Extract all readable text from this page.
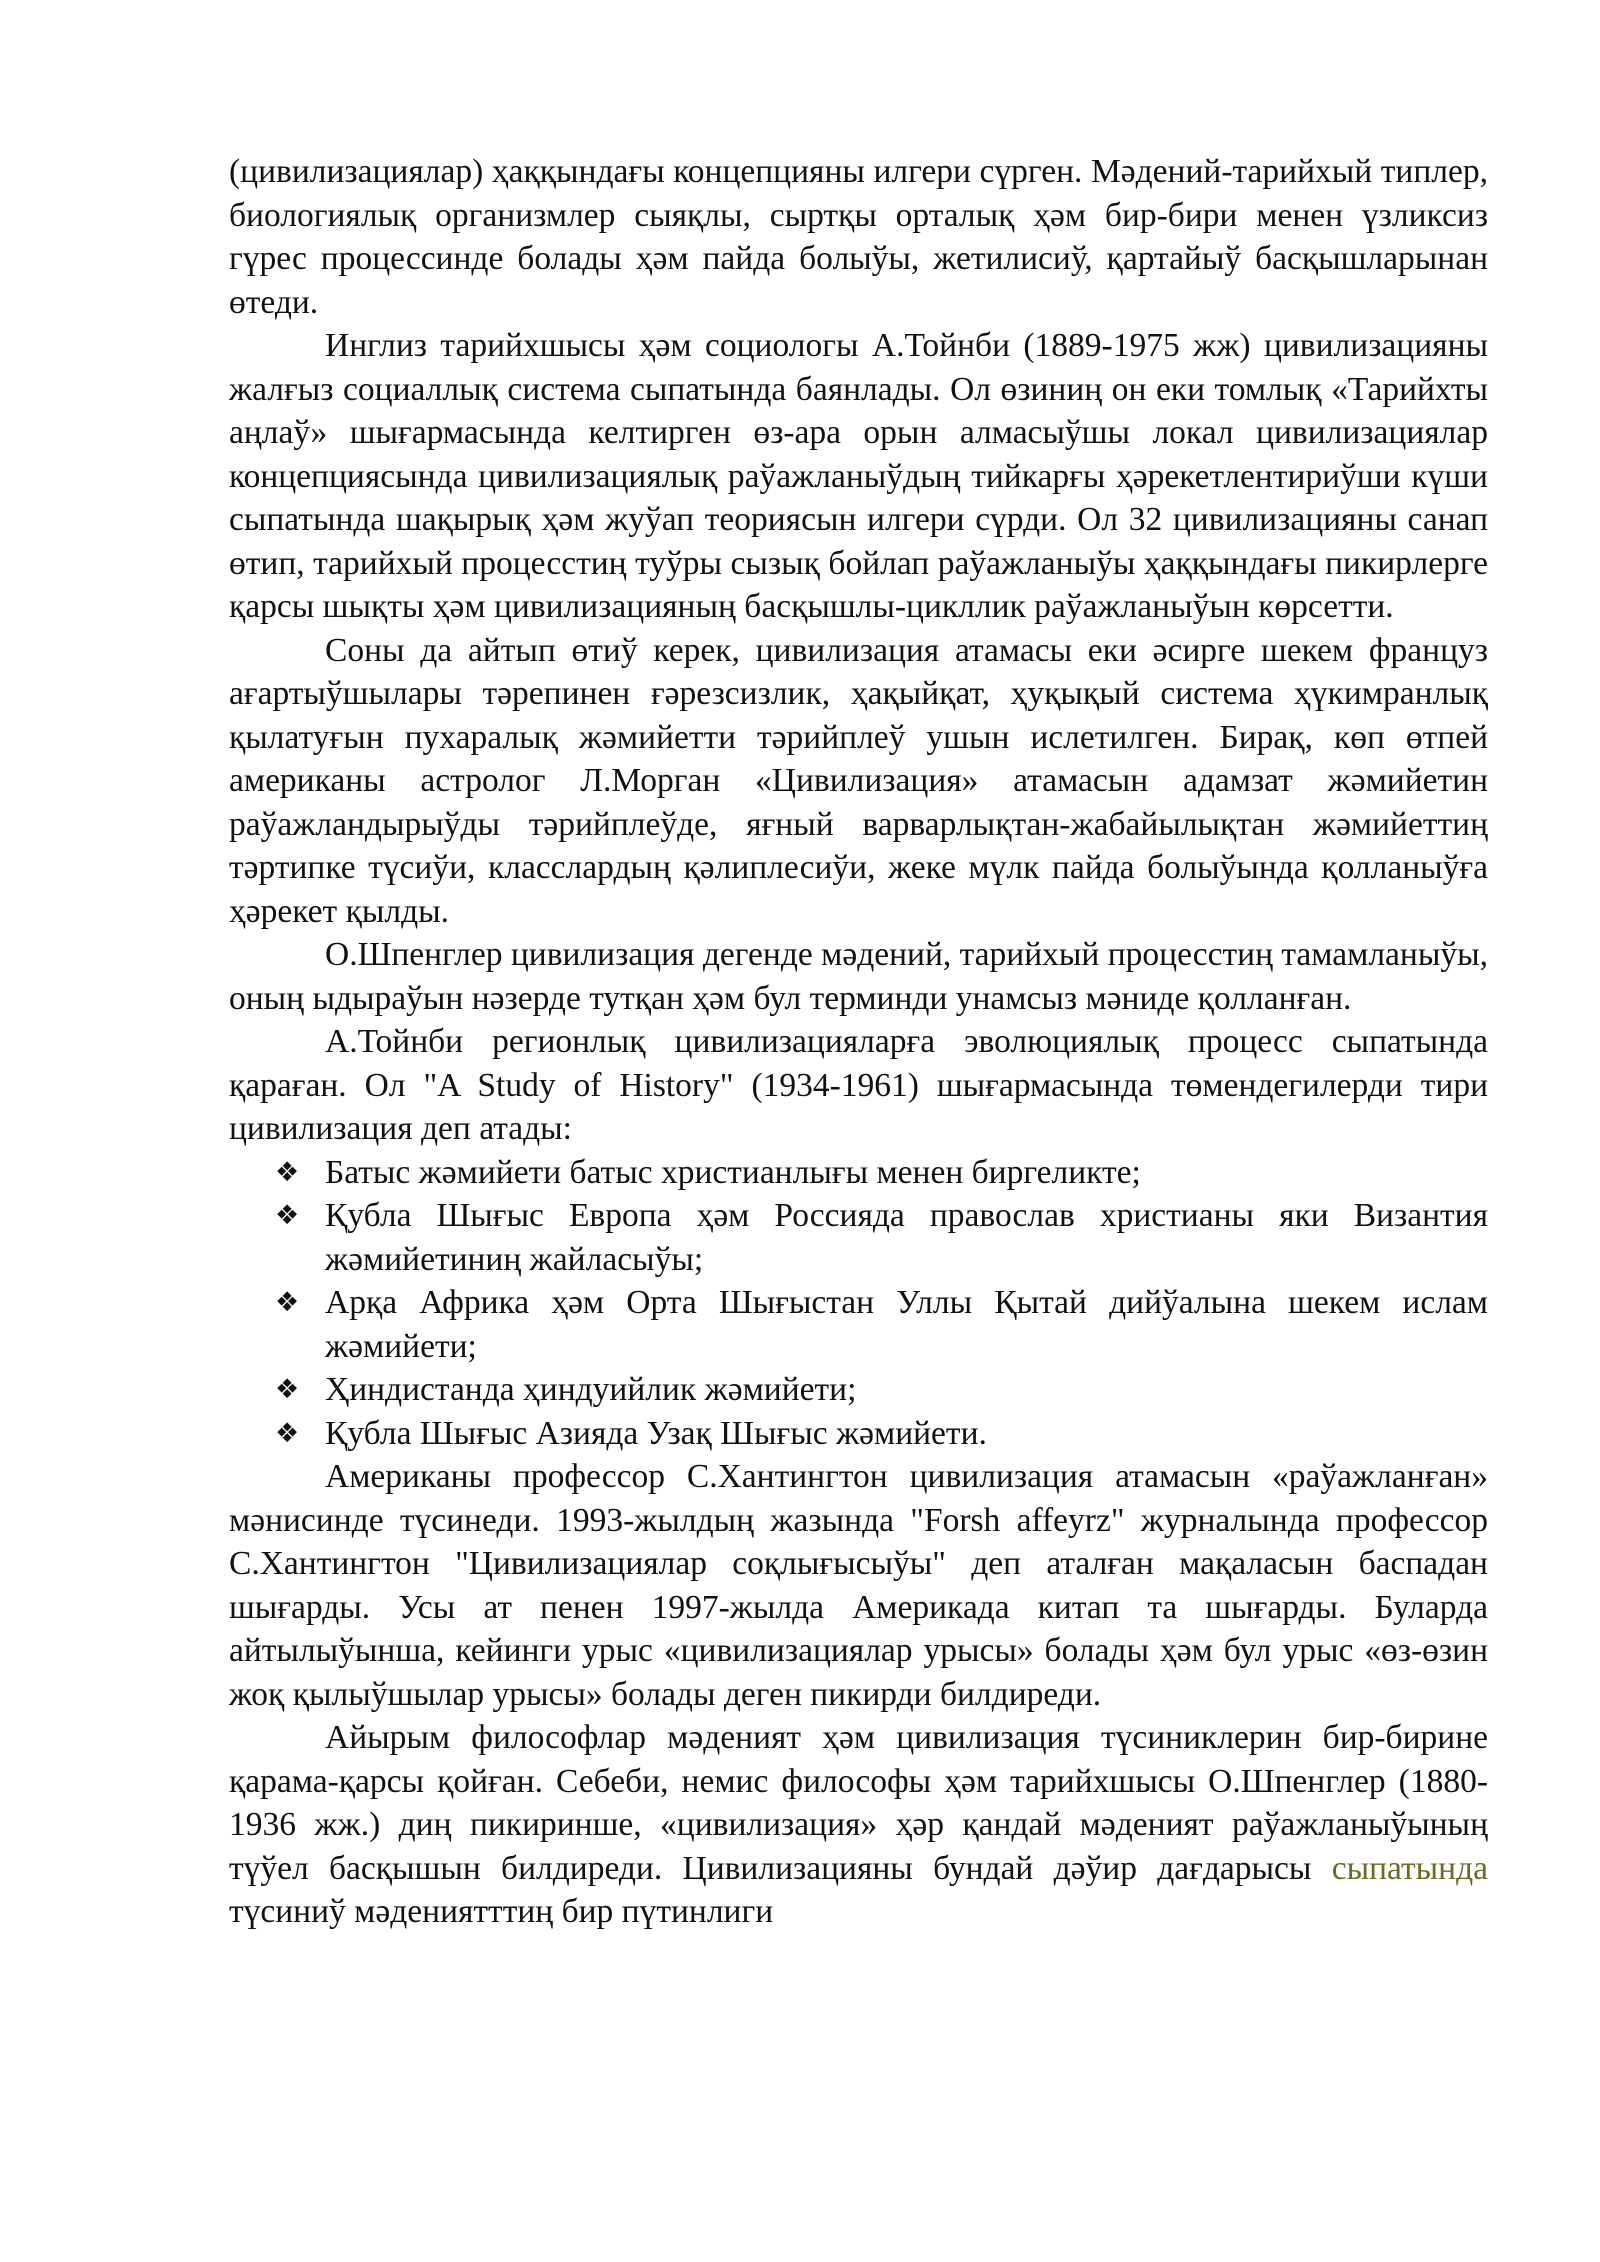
(цивилизациялар) ҳаққындағы концепцияны илгери сүрген. Мәдений-тарийхый типлер, биологиялық организмлер сыяқлы, сыртқы орталық ҳәм бир-бири менен үзликсиз гүрес процессинде болады ҳәм пайда болыўы, жетилисиў, қартайыў басқышларынан өтеди.

Инглиз тарийхшысы ҳәм социологы А.Тойнби (1889-1975 жж) цивилизацияны жалғыз социаллық система сыпатында баянлады. Ол өзиниң он еки томлық «Тарийхты аңлаў» шығармасында келтирген өз-ара орын алмасыўшы локал цивилизациялар концепциясында цивилизациялық раўажланыўдың тийкарғы ҳәрекетлентириўши күши сыпатында шақырық ҳәм жуўап теориясын илгери сүрди. Ол 32 цивилизацияны санап өтип, тарийхый процесстиң туўры сызық бойлап раўажланыўы ҳаққындағы пикирлерге қарсы шықты ҳәм цивилизацияның басқышлы-цикллик раўажланыўын көрсетти.

Соны да айтып өтиў керек, цивилизация атамасы еки әсирге шекем француз ағартыўшылары тәрепинен ғәрезсизлик, ҳақыйқат, ҳуқықый система ҳүкимранлық қылатуғын пухаралық жәмийетти тәрийплеў ушын ислетилген. Бирақ, көп өтпей американы астролог Л.Морган «Цивилизация» атамасын адамзат жәмийетин раўажландырыўды тәрийплеўде, яғный варварлықтан-жабайылықтан жәмийеттиң тәртипке түсиўи, класслардың қәлиплесиўи, жеке мүлк пайда болыўында қолланыўға ҳәрекет қылды.

О.Шпенглер цивилизация дегенде мәдений, тарийхый процесстиң тамамланыўы, оның ыдыраўын нәзерде тутқан ҳәм бул терминди унамсыз мәниде қолланған.

А.Тойнби регионлық цивилизацияларға эволюциялық процесс сыпатында қараған. Ол "A Study of History" (1934-1961) шығармасында төмендегилерди тири цивилизация деп атады:

❖ Батыс жәмийети батыс христианлығы менен биргеликте;
❖ Қубла Шығыс Европа ҳәм Россияда православ христианы яки Византия жәмийетиниң жайласыўы;
❖ Арқа Африка ҳәм Орта Шығыстан Уллы Қытай дийўалына шекем ислам жәмийети;
❖ Ҳиндистанда ҳиндуийлик жәмийети;
❖ Қубла Шығыс Азияда Узақ Шығыс жәмийети.

Американы профессор С.Хантингтон цивилизация атамасын «раўажланған» мәнисинде түсинеди. 1993-жылдың жазында "Forsh affeyrz" журналында профессор С.Хантингтон "Цивилизациялар соқлығысыўы" деп аталған мақаласын баспадан шығарды. Усы ат пенен 1997-жылда Америкада китап та шығарды. Буларда айтылыўынша, кейинги урыс «цивилизациялар урысы» болады ҳәм бул урыс «өз-өзин жоқ қылыўшылар урысы» болады деген пикирди билдиреди.

Айырым философлар мәденият ҳәм цивилизация түсиниклерин бир-бирине қарама-қарсы қойған. Себеби, немис философы ҳәм тарийхшысы О.Шпенглер (1880-1936 жж.) диң пикиринше, «цивилизация» ҳәр қандай мәденият раўажланыўының түўел басқышын билдиреди. Цивилизацияны бундай дәўир дағдарысы сыпатында түсиниў мәдениятттиң бир пүтинлиги
